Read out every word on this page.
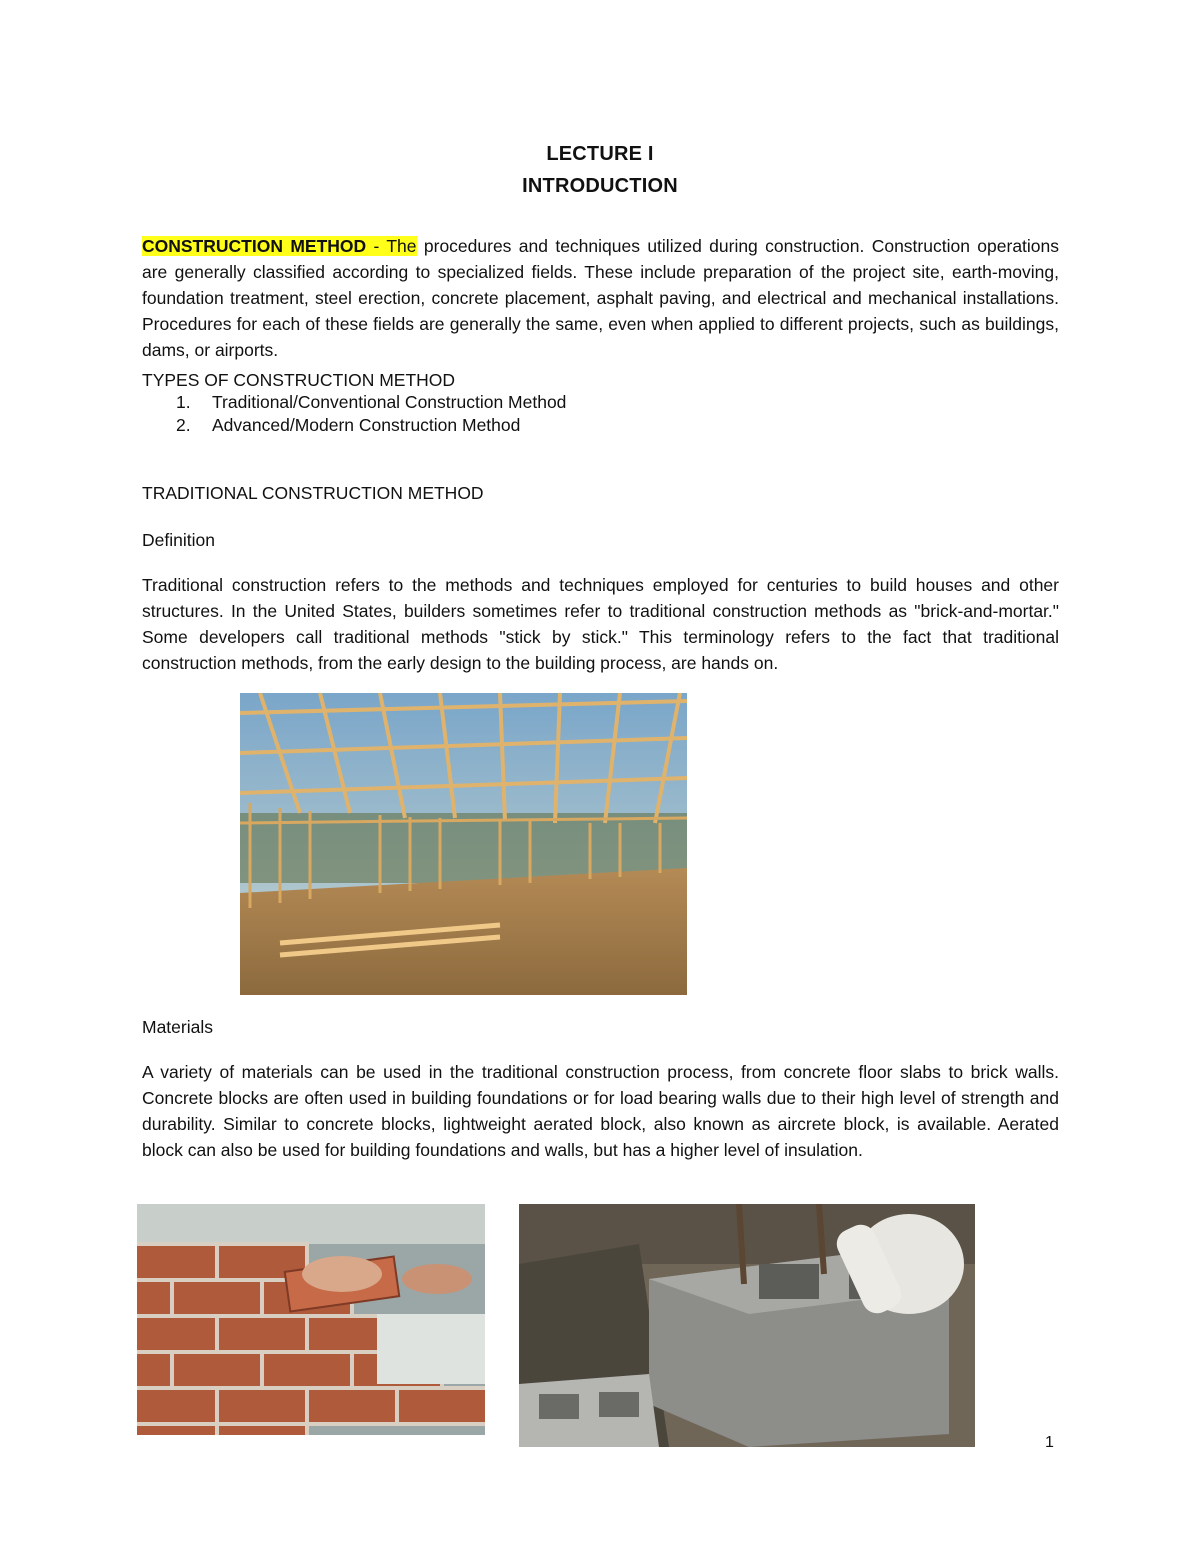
LECTURE I
INTRODUCTION

CONSTRUCTION METHOD - The procedures and techniques utilized during construction. Construction operations are generally classified according to specialized fields. These include preparation of the project site, earth-moving, foundation treatment, steel erection, concrete placement, asphalt paving, and electrical and mechanical installations. Procedures for each of these fields are generally the same, even when applied to different projects, such as buildings, dams, or airports.

TYPES OF CONSTRUCTION METHOD
1. Traditional/Conventional Construction Method
2. Advanced/Modern Construction Method
TRADITIONAL CONSTRUCTION METHOD
Definition

Traditional construction refers to the methods and techniques employed for centuries to build houses and other structures. In the United States, builders sometimes refer to traditional construction methods as "brick-and-mortar." Some developers call traditional methods "stick by stick." This terminology refers to the fact that traditional construction methods, from the early design to the building process, are hands on.

Materials

A variety of materials can be used in the traditional construction process, from concrete floor slabs to brick walls. Concrete blocks are often used in building foundations or for load bearing walls due to their high level of strength and durability. Similar to concrete blocks, lightweight aerated block, also known as aircrete block, is available. Aerated block can also be used for building foundations and walls, but has a higher level of insulation.

1
